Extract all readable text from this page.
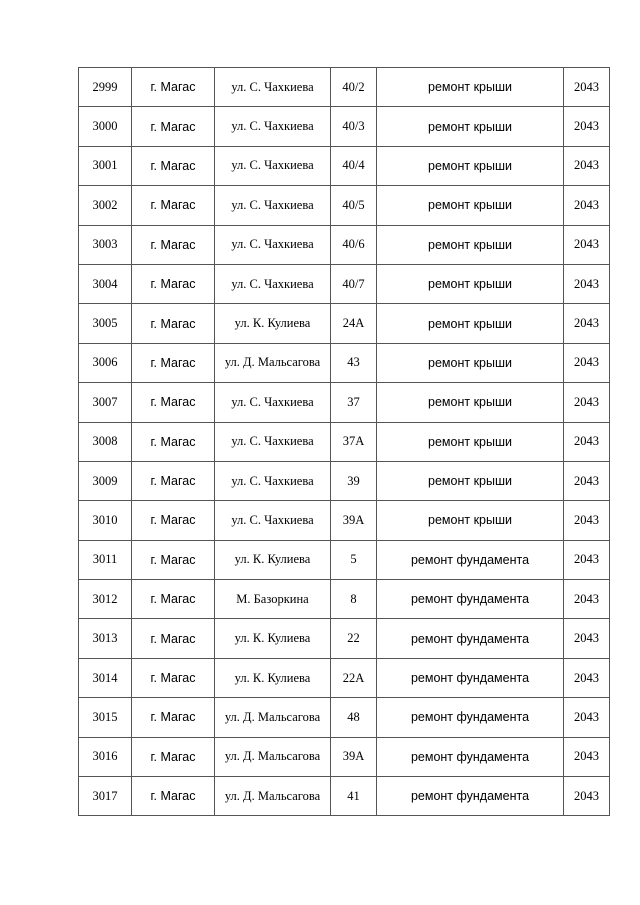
2999	г. Магас	ул. С. Чахкиева	40/2	ремонт крыши	2043
3000	г. Магас	ул. С. Чахкиева	40/3	ремонт крыши	2043
3001	г. Магас	ул. С. Чахкиева	40/4	ремонт крыши	2043
3002	г. Магас	ул. С. Чахкиева	40/5	ремонт крыши	2043
3003	г. Магас	ул. С. Чахкиева	40/6	ремонт крыши	2043
3004	г. Магас	ул. С. Чахкиева	40/7	ремонт крыши	2043
3005	г. Магас	ул. К. Кулиева	24А	ремонт крыши	2043
3006	г. Магас	ул. Д. Мальсагова	43	ремонт крыши	2043
3007	г. Магас	ул. С. Чахкиева	37	ремонт крыши	2043
3008	г. Магас	ул. С. Чахкиева	37А	ремонт крыши	2043
3009	г. Магас	ул. С. Чахкиева	39	ремонт крыши	2043
3010	г. Магас	ул. С. Чахкиева	39А	ремонт крыши	2043
3011	г. Магас	ул. К. Кулиева	5	ремонт фундамента	2043
3012	г. Магас	М. Базоркина	8	ремонт фундамента	2043
3013	г. Магас	ул. К. Кулиева	22	ремонт фундамента	2043
3014	г. Магас	ул. К. Кулиева	22А	ремонт фундамента	2043
3015	г. Магас	ул. Д. Мальсагова	48	ремонт фундамента	2043
3016	г. Магас	ул. Д. Мальсагова	39А	ремонт фундамента	2043
3017	г. Магас	ул. Д. Мальсагова	41	ремонт фундамента	2043
